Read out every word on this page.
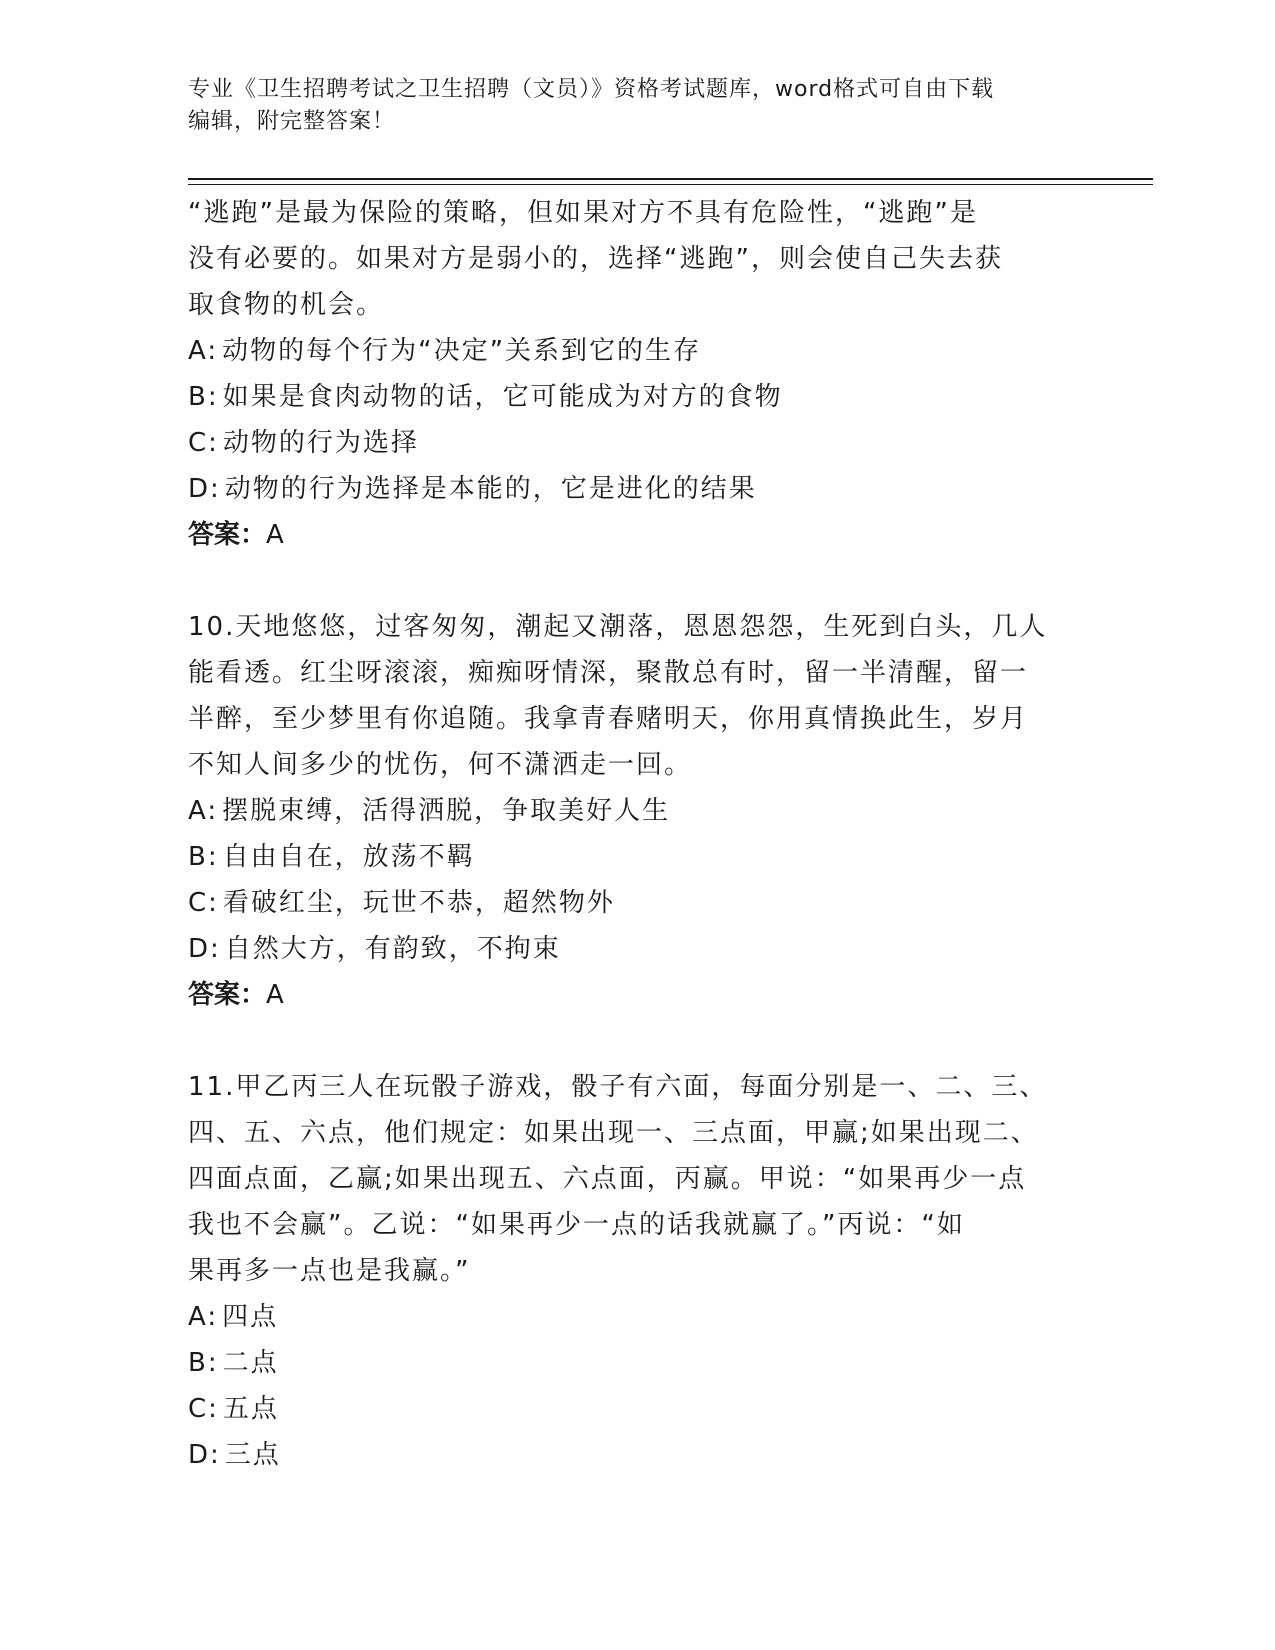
专业《卫生招聘考试之卫生招聘（文员）》资格考试题库，word格式可自由下载
编辑，附完整答案！

“逃跑”是最为保险的策略，但如果对方不具有危险性，“逃跑”是

没有必要的。如果对方是弱小的，选择“逃跑”，则会使自己失去获

取食物的机会。

A: 动物的每个行为“决定”关系到它的生存

B: 如果是食肉动物的话，它可能成为对方的食物

C: 动物的行为选择

D: 动物的行为选择是本能的，它是进化的结果

答案：A

10.天地悠悠，过客匆匆，潮起又潮落，恩恩怨怨，生死到白头，几人

能看透。红尘呀滚滚，痴痴呀情深，聚散总有时，留一半清醒，留一

半醉，至少梦里有你追随。我拿青春赌明天，你用真情换此生，岁月

不知人间多少的忧伤，何不潇洒走一回。

A: 摆脱束缚，活得洒脱，争取美好人生

B: 自由自在，放荡不羁

C: 看破红尘，玩世不恭，超然物外

D: 自然大方，有韵致，不拘束

答案：A

11.甲乙丙三人在玩骰子游戏，骰子有六面，每面分别是一、二、三、

四、五、六点，他们规定：如果出现一、三点面，甲赢;如果出现二、

四面点面，乙赢;如果出现五、六点面，丙赢。甲说：“如果再少一点

我也不会赢”。乙说：“如果再少一点的话我就赢了。”丙说：“如

果再多一点也是我赢。”

A: 四点

B: 二点

C: 五点

D: 三点
